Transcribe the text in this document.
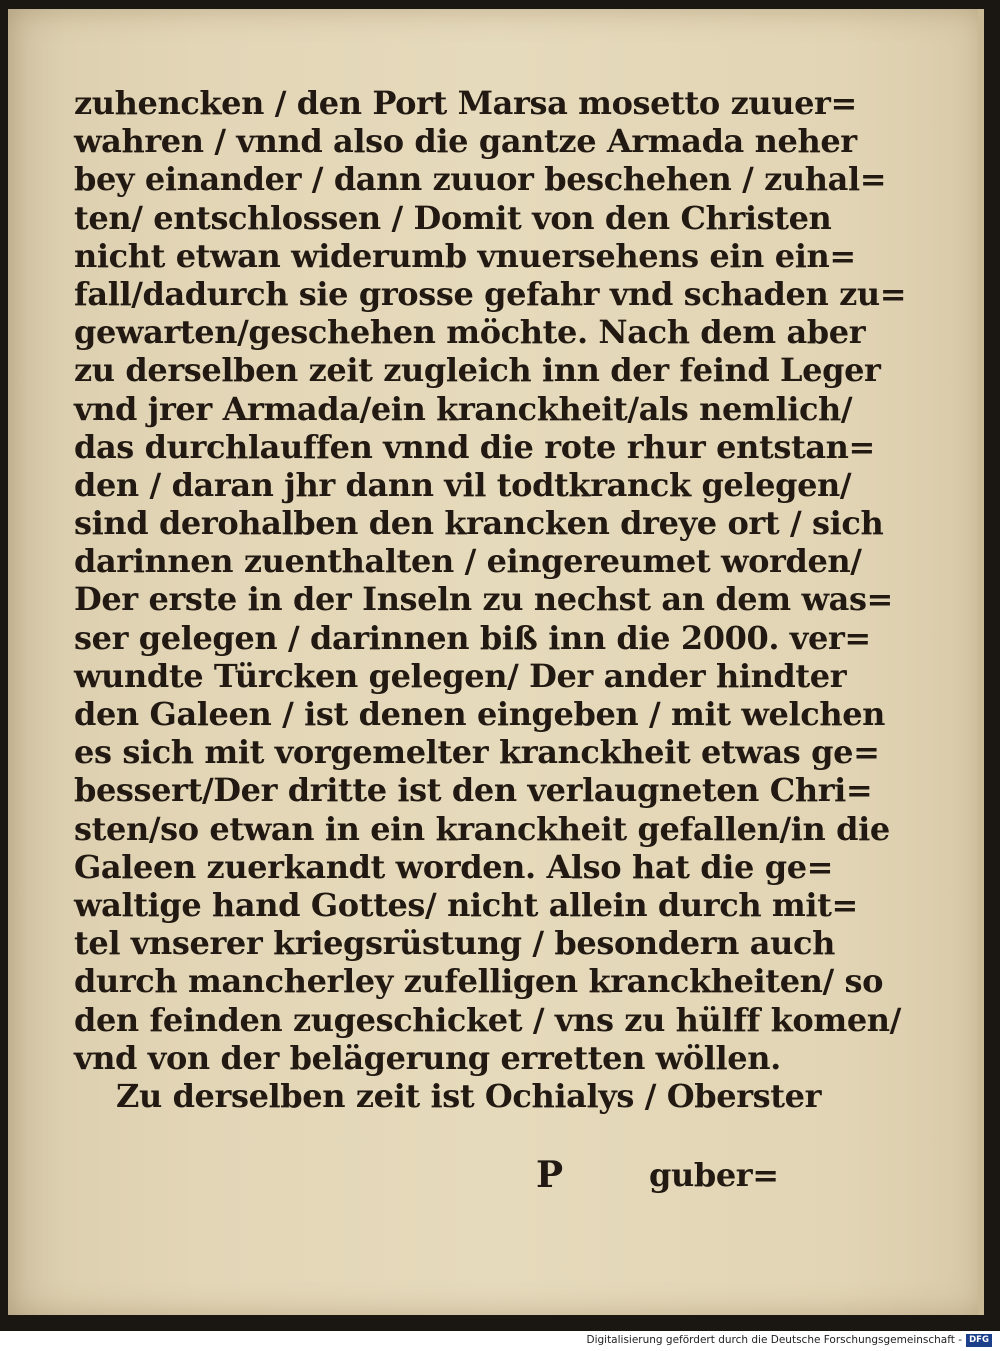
zuhencken / den Port Marsa mosetto zuuer=
wahren / vnnd also die gantze Armada neher
bey einander / dann zuuor beschehen / zuhal=
ten/ entschlossen / Domit von den Christen
nicht etwan widerumb vnuersehens ein ein=
fall/dadurch sie grosse gefahr vnd schaden zu=
gewarten/geschehen möchte. Nach dem aber
zu derselben zeit zugleich inn der feind Leger
vnd jrer Armada/ein kranckheit/als nemlich/
das durchlauffen vnnd die rote rhur entstan=
den / daran jhr dann vil todtkranck gelegen/
sind derohalben den krancken dreye ort / sich
darinnen zuenthalten / eingereumet worden/
Der erste in der Inseln zu nechst an dem was=
ser gelegen / darinnen biß inn die 2000. ver=
wundte Türcken gelegen/ Der ander hindter
den Galeen / ist denen eingeben / mit welchen
es sich mit vorgemelter kranckheit etwas ge=
bessert/Der dritte ist den verlaugneten Chri=
sten/so etwan in ein kranckheit gefallen/in die
Galeen zuerkandt worden. Also hat die ge=
waltige hand Gottes/ nicht allein durch mit=
tel vnserer kriegsrüstung / besondern auch
durch mancherley zufelligen kranckheiten/ so
den feinden zugeschicket / vns zu hülff komen/
vnd von der belägerung erretten wöllen.
Zu derselben zeit ist Ochialys / Oberster
P	guber=
Digitalisierung gefördert durch die Deutsche Forschungsgemeinschaft - DFG
